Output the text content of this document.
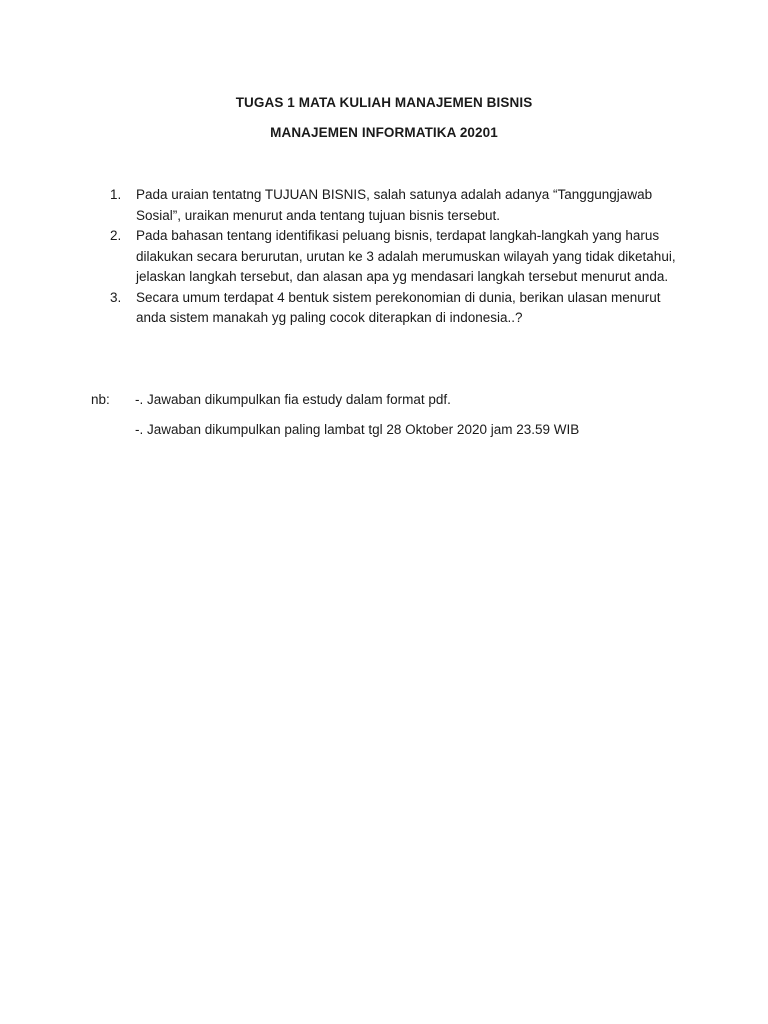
TUGAS 1 MATA KULIAH MANAJEMEN BISNIS
MANAJEMEN INFORMATIKA 20201
1.	Pada uraian tentatng TUJUAN BISNIS, salah satunya adalah adanya “Tanggungjawab Sosial”, uraikan menurut anda tentang tujuan bisnis tersebut.
2.	Pada bahasan tentang identifikasi peluang bisnis, terdapat langkah-langkah yang harus dilakukan secara berurutan, urutan ke 3 adalah merumuskan wilayah yang tidak diketahui, jelaskan langkah tersebut, dan alasan apa yg mendasari langkah tersebut menurut anda.
3.	Secara umum terdapat 4 bentuk sistem perekonomian di dunia, berikan ulasan menurut anda sistem manakah yg paling cocok diterapkan di indonesia..?
nb:	-. Jawaban dikumpulkan fia estudy dalam format pdf.
-. Jawaban dikumpulkan paling lambat tgl 28 Oktober 2020 jam 23.59 WIB
